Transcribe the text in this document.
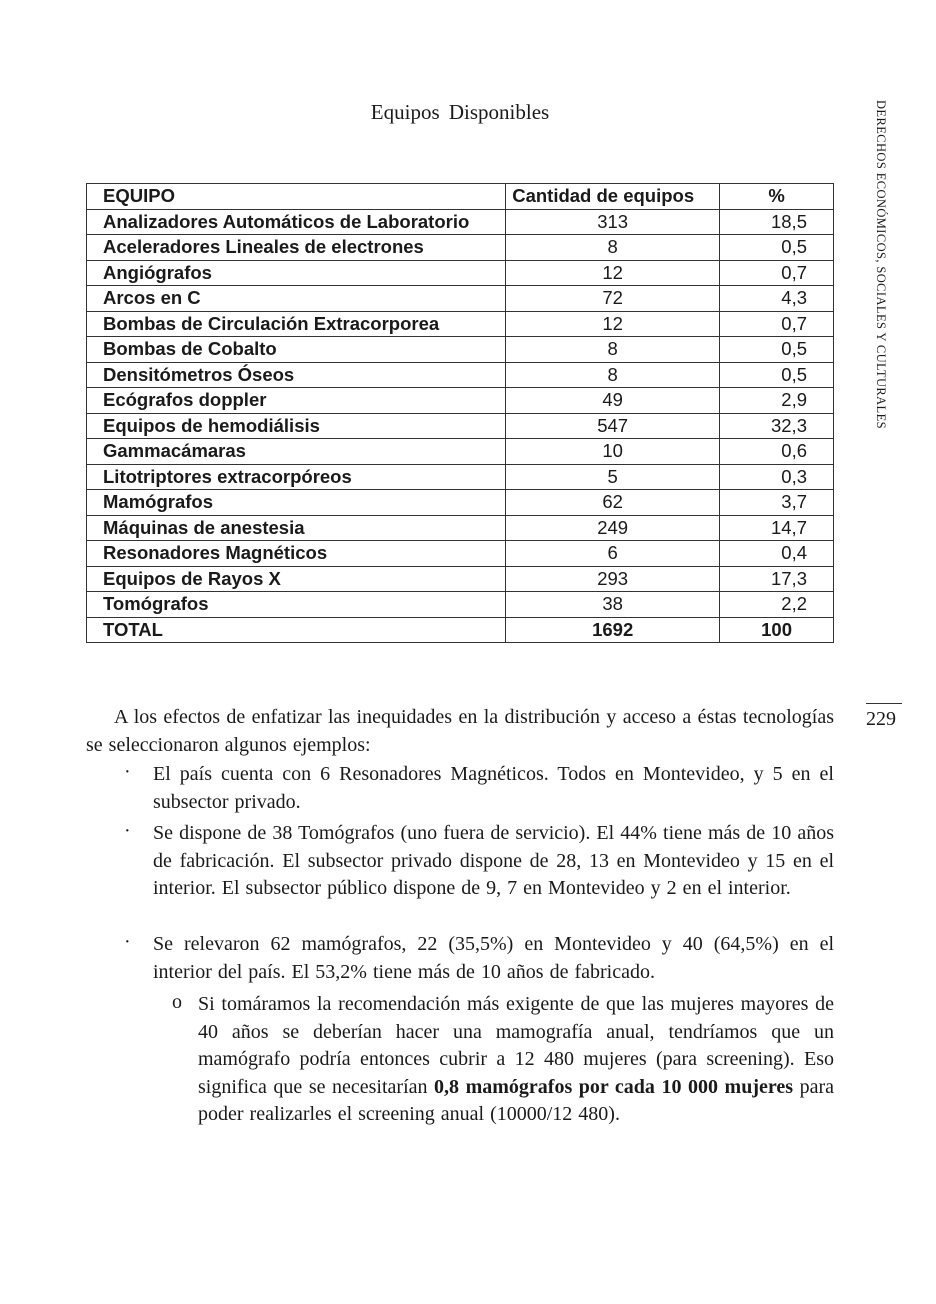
Equipos Disponibles	DERECHOS ECONÓMICOS, SOCIALES Y CULTURALES
EQUIPO	Cantidad de equipos	%
Analizadores Automáticos de Laboratorio	313	18,5
Aceleradores Lineales de electrones	8	0,5
Angiógrafos	12	0,7
Arcos en C	72	4,3
Bombas de Circulación Extracorporea	12	0,7
Bombas de Cobalto	8	0,5
Densitómetros Óseos	8	0,5
Ecógrafos doppler	49	2,9
Equipos de hemodiálisis	547	32,3
Gammacámaras	10	0,6
Litotriptores extracorpóreos	5	0,3
Mamógrafos	62	3,7
Máquinas de anestesia	249	14,7
Resonadores Magnéticos	6	0,4
Equipos de Rayos X	293	17,3
Tomógrafos	38	2,2
TOTAL	1692	100
229

A los efectos de enfatizar las inequidades en la distribución y acceso a éstas tecnologías se seleccionaron algunos ejemplos:

· El país cuenta con 6 Resonadores Magnéticos. Todos en Montevideo, y 5 en el subsector privado.

· Se dispone de 38 Tomógrafos (uno fuera de servicio). El 44% tiene más de 10 años de fabricación. El subsector privado dispone de 28, 13 en Montevideo y 15 en el interior. El subsector público dispone de 9, 7 en Montevideo y 2 en el interior.

· Se relevaron 62 mamógrafos, 22 (35,5%) en Montevideo y 40 (64,5%) en el interior del país. El 53,2% tiene más de 10 años de fabricado.

o Si tomáramos la recomendación más exigente de que las mujeres mayores de 40 años se deberían hacer una mamografía anual, tendríamos que un mamógrafo podría entonces cubrir a 12 480 mujeres (para screening). Eso significa que se necesitarían 0,8 mamógrafos por cada 10 000 mujeres para poder realizarles el screening anual (10000/12 480).
